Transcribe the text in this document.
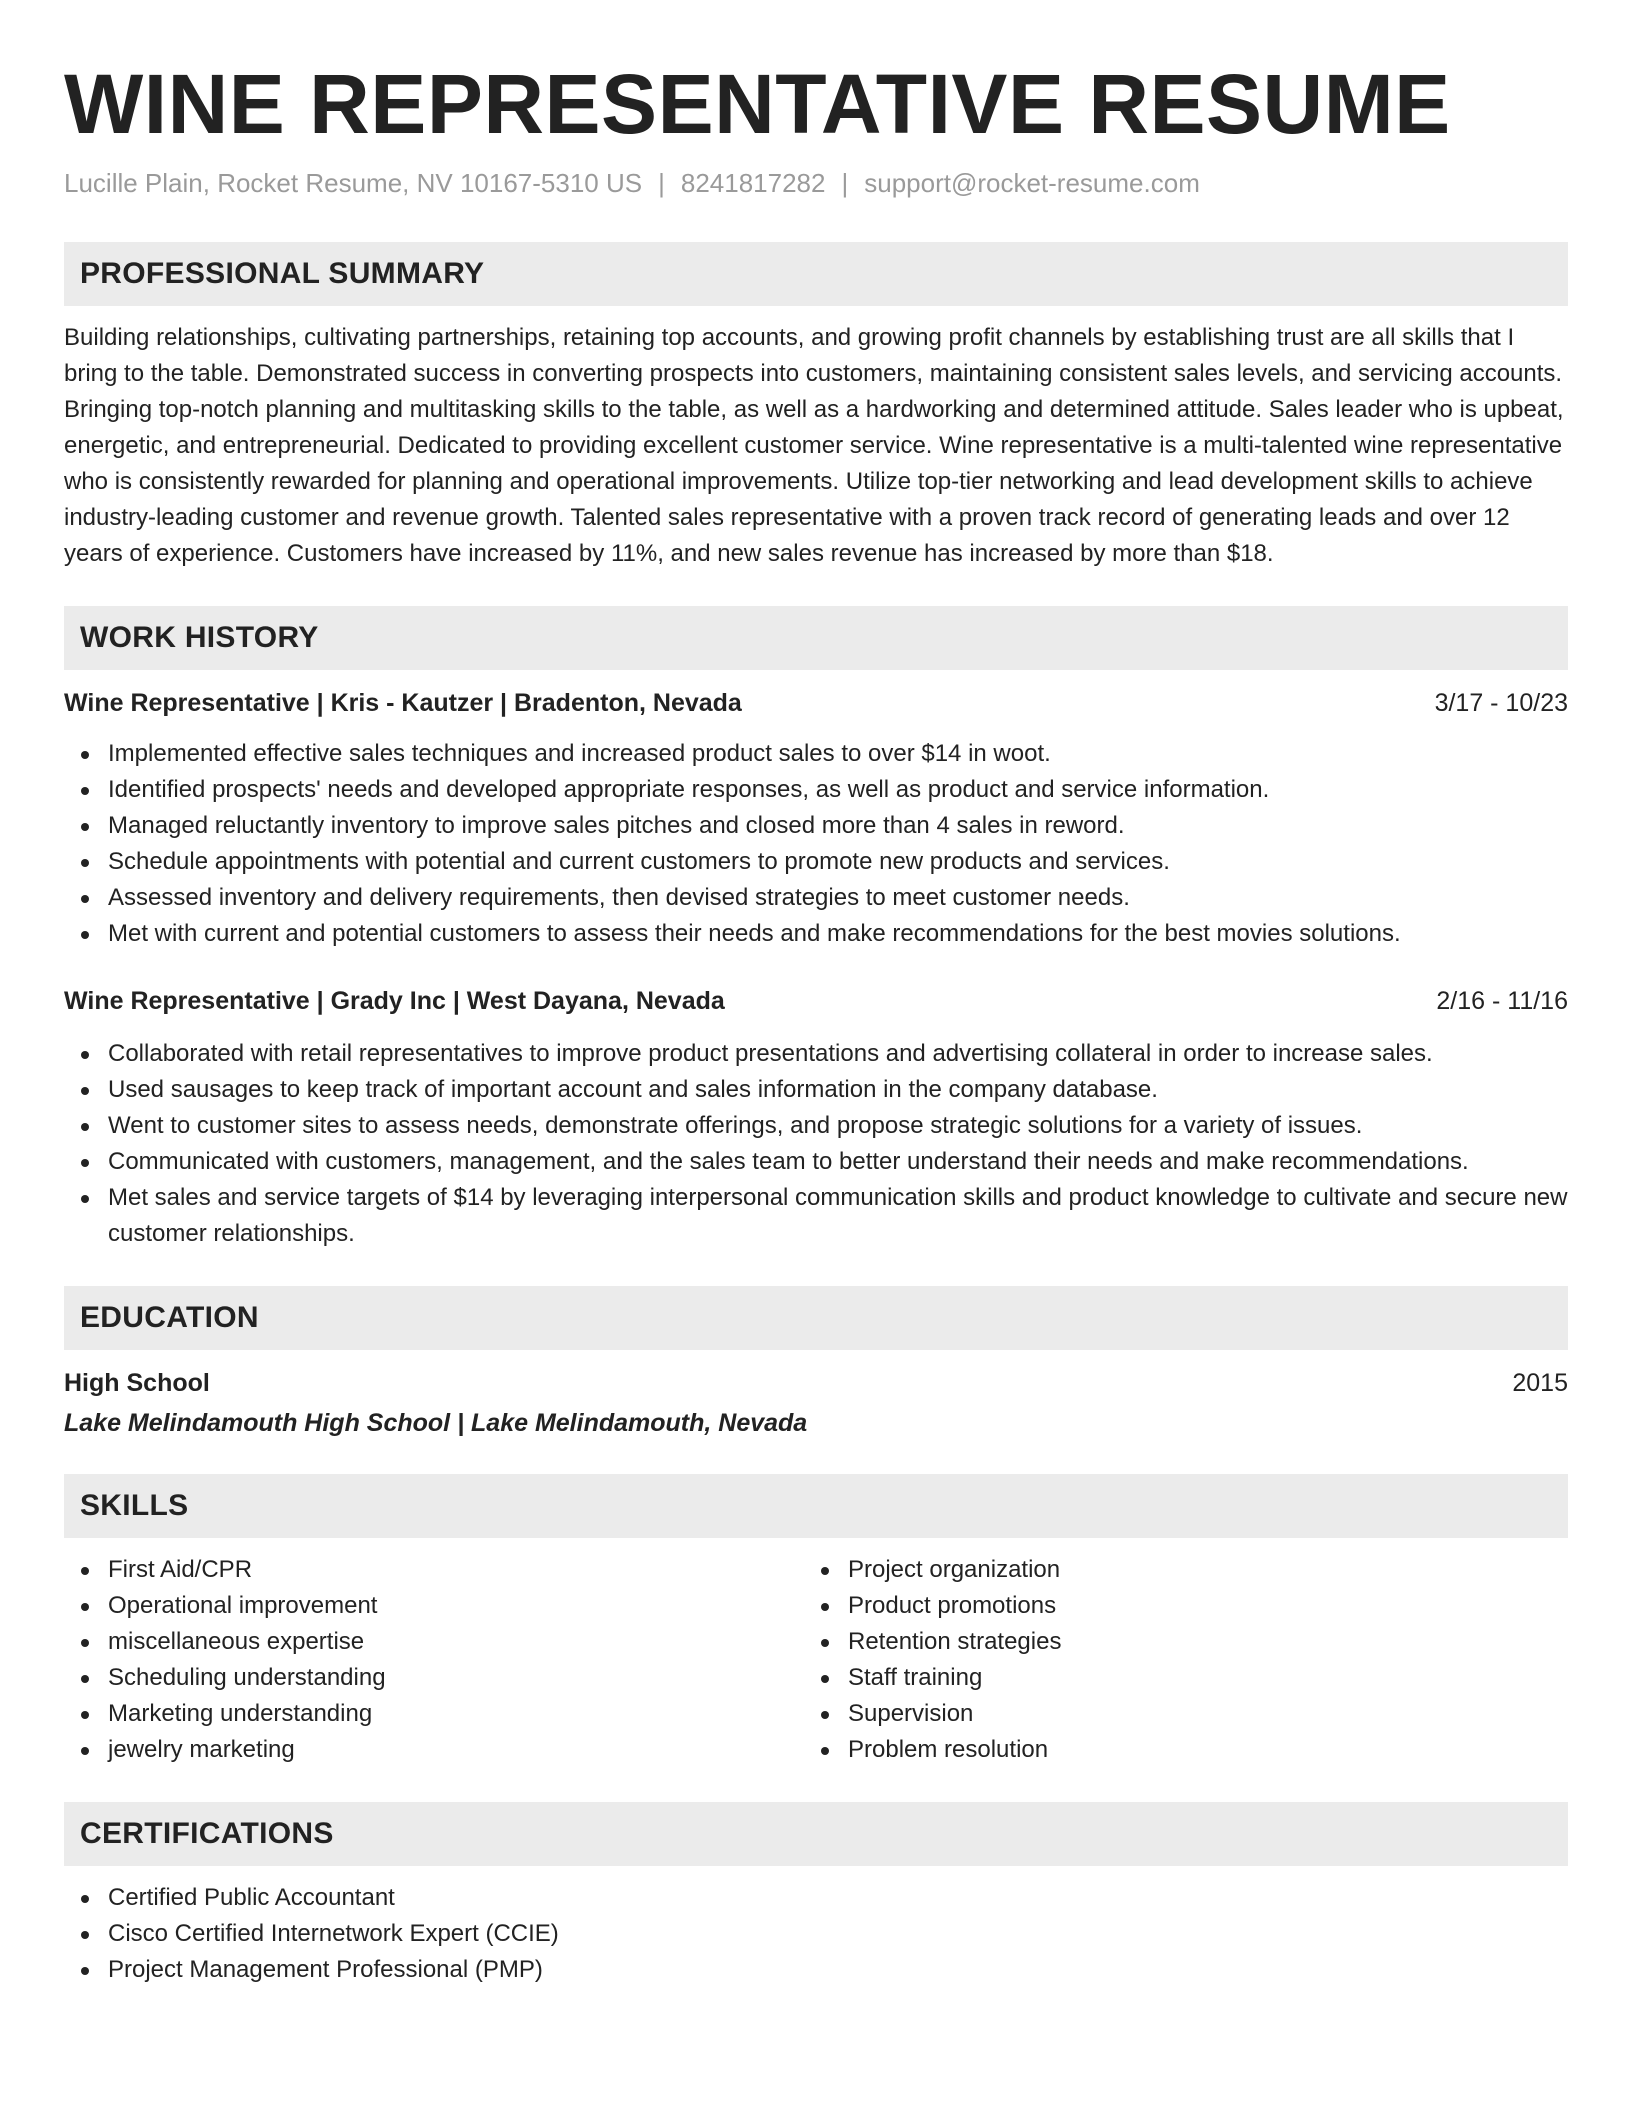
WINE REPRESENTATIVE RESUME
Lucille Plain, Rocket Resume, NV 10167-5310 US | 8241817282 | support@rocket-resume.com
PROFESSIONAL SUMMARY
Building relationships, cultivating partnerships, retaining top accounts, and growing profit channels by establishing trust are all skills that I bring to the table. Demonstrated success in converting prospects into customers, maintaining consistent sales levels, and servicing accounts. Bringing top-notch planning and multitasking skills to the table, as well as a hardworking and determined attitude. Sales leader who is upbeat, energetic, and entrepreneurial. Dedicated to providing excellent customer service. Wine representative is a multi-talented wine representative who is consistently rewarded for planning and operational improvements. Utilize top-tier networking and lead development skills to achieve industry-leading customer and revenue growth. Talented sales representative with a proven track record of generating leads and over 12 years of experience. Customers have increased by 11%, and new sales revenue has increased by more than $18.
WORK HISTORY
Wine Representative | Kris - Kautzer | Bradenton, Nevada	3/17 - 10/23
Implemented effective sales techniques and increased product sales to over $14 in woot.
Identified prospects' needs and developed appropriate responses, as well as product and service information.
Managed reluctantly inventory to improve sales pitches and closed more than 4 sales in reword.
Schedule appointments with potential and current customers to promote new products and services.
Assessed inventory and delivery requirements, then devised strategies to meet customer needs.
Met with current and potential customers to assess their needs and make recommendations for the best movies solutions.
Wine Representative | Grady Inc | West Dayana, Nevada	2/16 - 11/16
Collaborated with retail representatives to improve product presentations and advertising collateral in order to increase sales.
Used sausages to keep track of important account and sales information in the company database.
Went to customer sites to assess needs, demonstrate offerings, and propose strategic solutions for a variety of issues.
Communicated with customers, management, and the sales team to better understand their needs and make recommendations.
Met sales and service targets of $14 by leveraging interpersonal communication skills and product knowledge to cultivate and secure new customer relationships.
EDUCATION
High School	2015
Lake Melindamouth High School | Lake Melindamouth, Nevada
SKILLS
First Aid/CPR
Operational improvement
miscellaneous expertise
Scheduling understanding
Marketing understanding
jewelry marketing
Project organization
Product promotions
Retention strategies
Staff training
Supervision
Problem resolution
CERTIFICATIONS
Certified Public Accountant
Cisco Certified Internetwork Expert (CCIE)
Project Management Professional (PMP)
